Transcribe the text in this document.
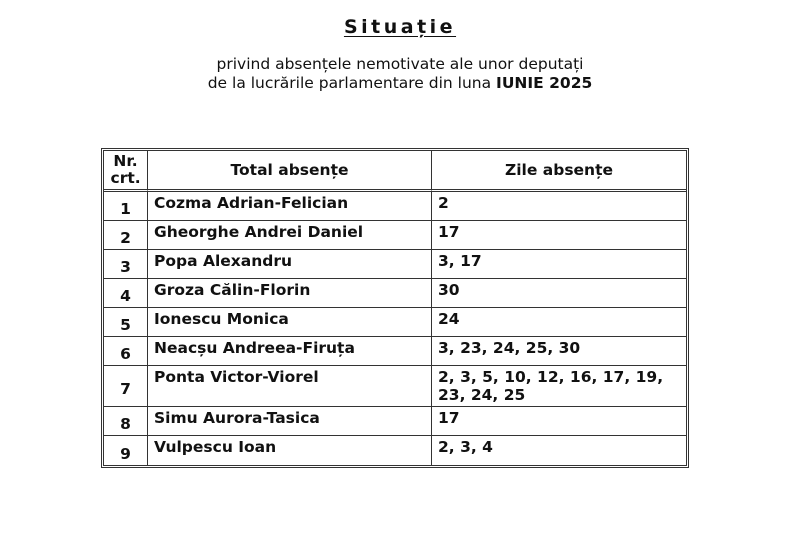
Situație
privind absențele nemotivate ale unor deputați
de la lucrările parlamentare din luna IUNIE 2025
Nr. crt.	Total absențe	Zile absențe
1	Cozma Adrian-Felician	2
2	Gheorghe Andrei Daniel	17
3	Popa Alexandru	3, 17
4	Groza Călin-Florin	30
5	Ionescu Monica	24
6	Neacșu Andreea-Firuța	3, 23, 24, 25, 30
7	Ponta Victor-Viorel	2, 3, 5, 10, 12, 16, 17, 19, 23, 24, 25
8	Simu Aurora-Tasica	17
9	Vulpescu Ioan	2, 3, 4
